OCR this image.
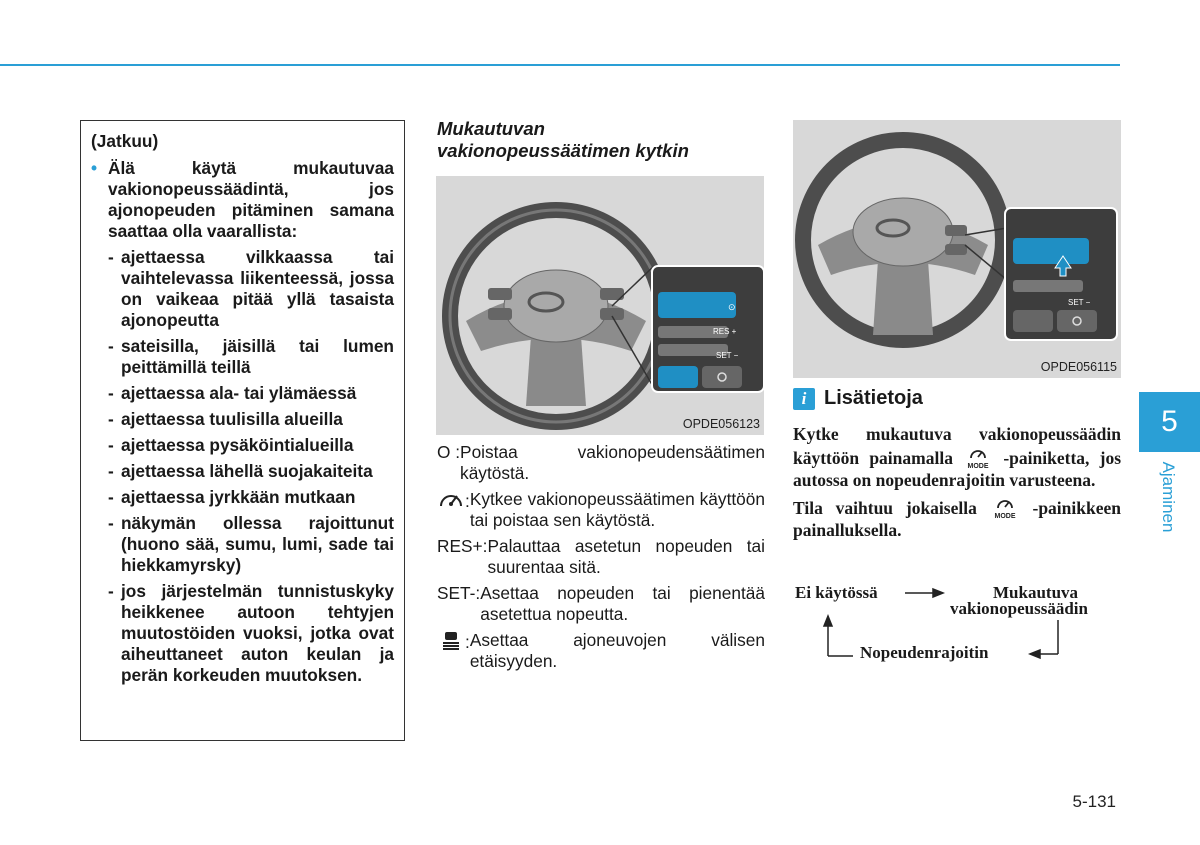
(Jatkuu)
• Älä käytä mukautuvaa vakionopeussäädintä, jos ajonopeuden pitäminen samana saattaa olla vaarallista:
- ajettaessa vilkkaassa tai vaihtelevassa liikenteessä, jossa on vaikeaa pitää yllä tasaista ajonopeutta
- sateisilla, jäisillä tai lumen peittämillä teillä
- ajettaessa ala- tai ylämäessä
- ajettaessa tuulisilla alueilla
- ajettaessa pysäköintialueilla
- ajettaessa lähellä suojakaiteita
- ajettaessa jyrkkään mutkaan
- näkymän ollessa rajoittunut (huono sää, sumu, lumi, sade tai hiekkamyrsky)
- jos järjestelmän tunnistuskyky heikkenee autoon tehtyjen muutostöiden vuoksi, jotka ovat aiheuttaneet auton keulan ja perän korkeuden muutoksen.
Mukautuvan
vakionopeussäätimen kytkin
⊙
RES +
SET −
OPDE056123
O : Poistaa vakionopeudensäätimen käytöstä.
: Kytkee vakionopeussäätimen käyttöön tai poistaa sen käytöstä.
RES+: Palauttaa asetetun nopeuden tai suurentaa sitä.
SET-: Asettaa nopeuden tai pienentää asetettua nopeutta.
: Asettaa ajoneuvojen välisen etäisyyden.
SET −
OPDE056115
i Lisätietoja

Kytke mukautuva vakionopeussäädin käyttöön painamalla MODE -painiketta, jos autossa on nopeudenrajoitin varusteena.

Tila vaihtuu jokaisella MODE -painikkeen painalluksella.

Ei käytössä	Mukautuva
vakionopeussäädin
Nopeudenrajoitin
5
Ajaminen
5-131
